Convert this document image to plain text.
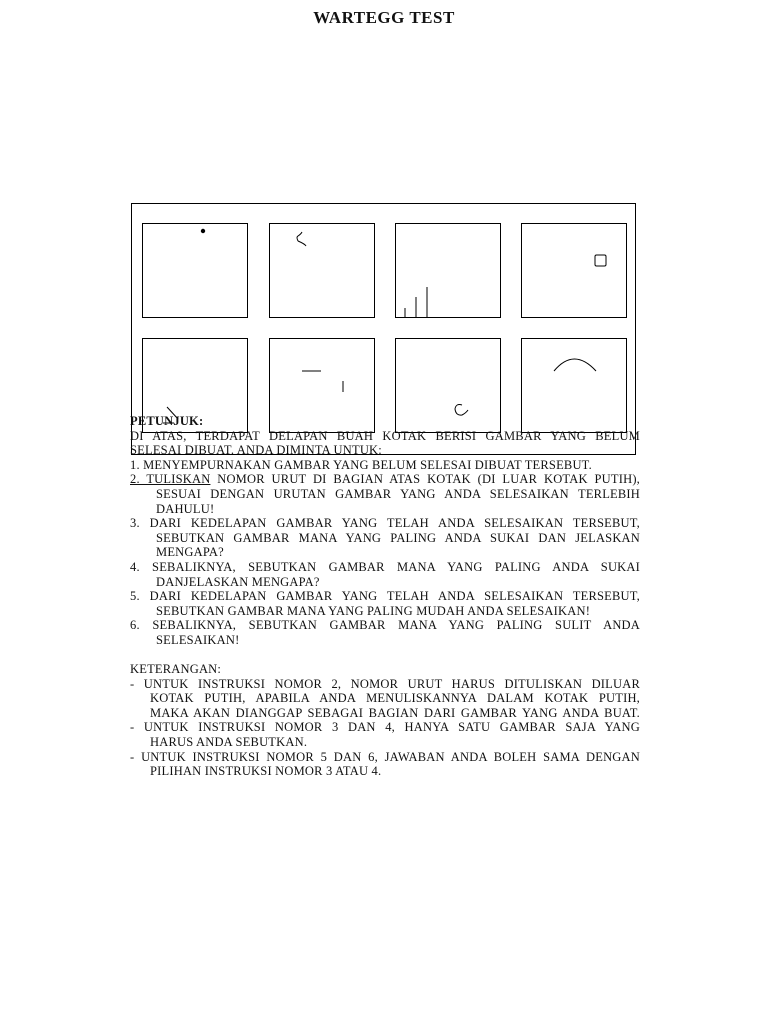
WARTEGG TEST

PETUNJUK:

DI ATAS, TERDAPAT DELAPAN BUAH KOTAK BERISI GAMBAR YANG BELUM

SELESAI DIBUAT. ANDA DIMINTA UNTUK:

1. MENYEMPURNAKAN GAMBAR YANG BELUM SELESAI DIBUAT TERSEBUT.

2. TULISKAN NOMOR URUT DI BAGIAN ATAS KOTAK (DI LUAR KOTAK PUTIH),

SESUAI DENGAN URUTAN GAMBAR YANG ANDA SELESAIKAN TERLEBIH

DAHULU!

3. DARI KEDELAPAN GAMBAR YANG TELAH ANDA SELESAIKAN TERSEBUT,

SEBUTKAN GAMBAR MANA YANG PALING ANDA SUKAI DAN JELASKAN

MENGAPA?

4. SEBALIKNYA, SEBUTKAN GAMBAR MANA YANG PALING ANDA SUKAI

DANJELASKAN MENGAPA?

5. DARI KEDELAPAN GAMBAR YANG TELAH ANDA SELESAIKAN TERSEBUT,

SEBUTKAN GAMBAR MANA YANG PALING MUDAH ANDA SELESAIKAN!

6. SEBALIKNYA, SEBUTKAN GAMBAR MANA YANG PALING SULIT ANDA

SELESAIKAN!

KETERANGAN:

- UNTUK INSTRUKSI NOMOR 2, NOMOR URUT HARUS DITULISKAN DILUAR

KOTAK PUTIH, APABILA ANDA MENULISKANNYA DALAM KOTAK PUTIH,

MAKA AKAN DIANGGAP SEBAGAI BAGIAN DARI GAMBAR YANG ANDA BUAT.

- UNTUK INSTRUKSI NOMOR 3 DAN 4, HANYA SATU GAMBAR SAJA YANG

HARUS ANDA SEBUTKAN.

- UNTUK INSTRUKSI NOMOR 5 DAN 6, JAWABAN ANDA BOLEH SAMA DENGAN

PILIHAN INSTRUKSI NOMOR 3 ATAU 4.
